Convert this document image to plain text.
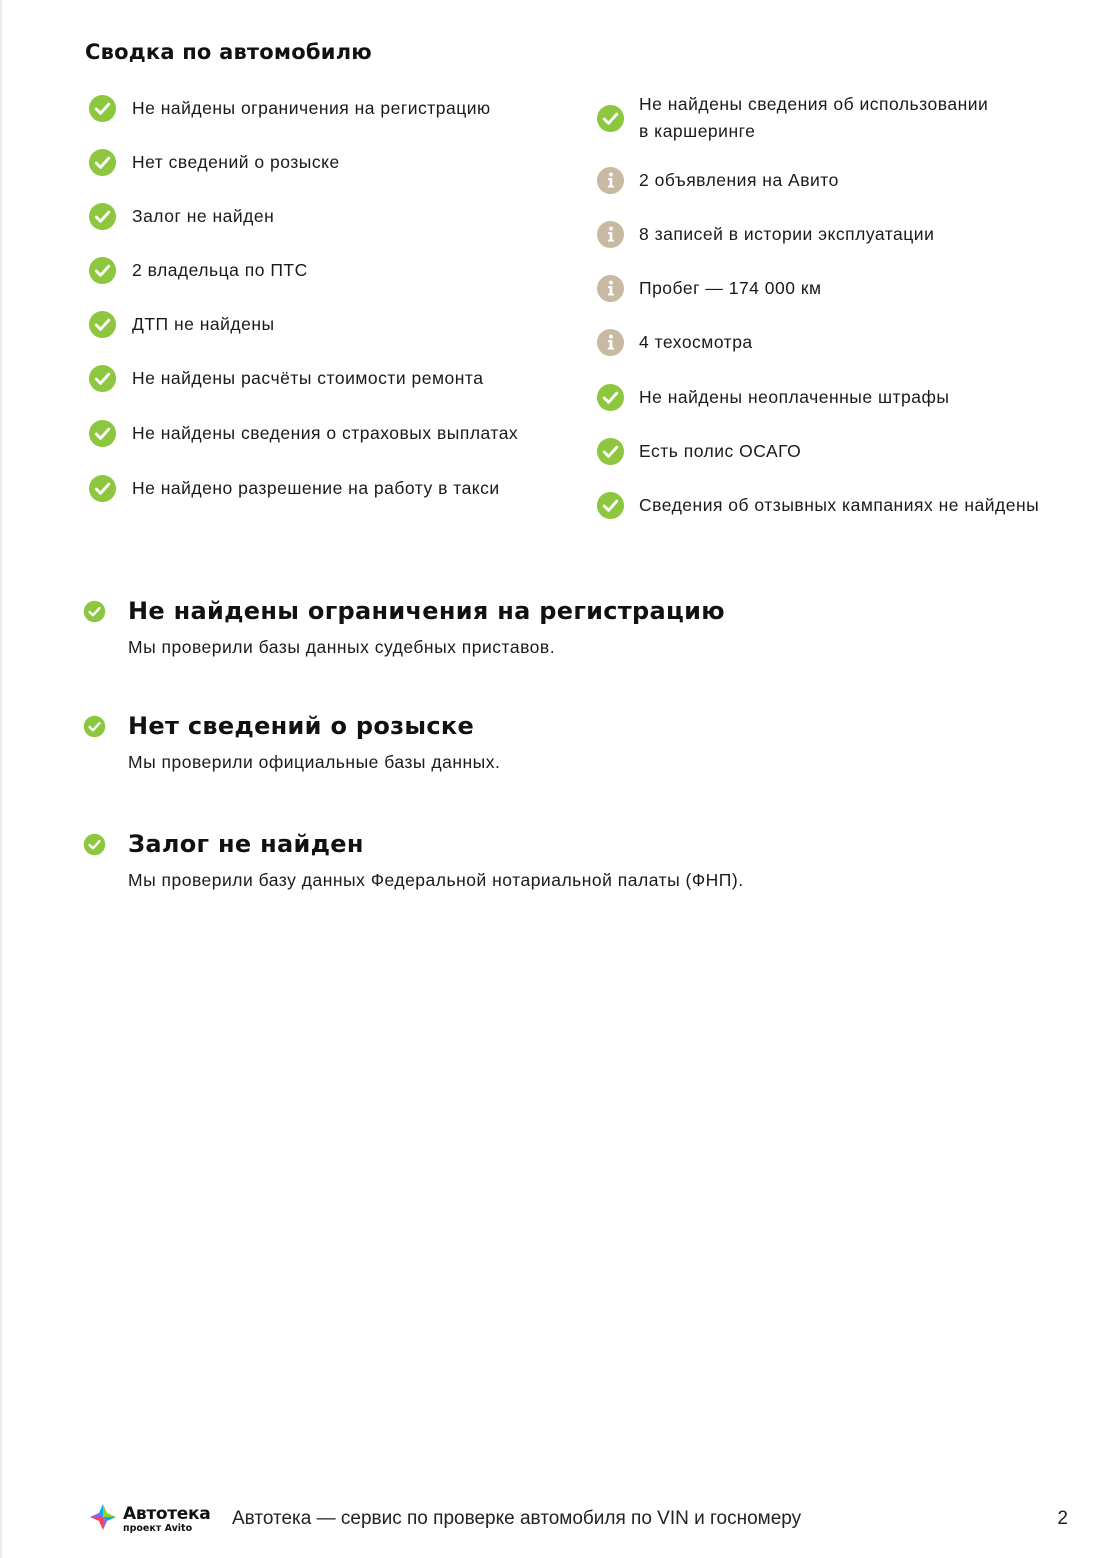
Сводка по автомобилю
Не найдены ограничения на регистрацию
Нет сведений о розыске
Залог не найден
2 владельца по ПТС
ДТП не найдены
Не найдены расчёты стоимости ремонта
Не найдены сведения о страховых выплатах
Не найдено разрешение на работу в такси
Не найдены сведения об использовании
в каршеринге
2 объявления на Авито
8 записей в истории эксплуатации
Пробег — 174 000 км
4 техосмотра
Не найдены неоплаченные штрафы
Есть полис ОСАГО
Сведения об отзывных кампаниях не найдены
Не найдены ограничения на регистрацию

Мы проверили базы данных судебных приставов.

Нет сведений о розыске

Мы проверили официальные базы данных.

Залог не найден

Мы проверили базу данных Федеральной нотариальной палаты (ФНП).

Автотека
проект Avito Автотека — сервис по проверке автомобиля по VIN и госномеру	2
